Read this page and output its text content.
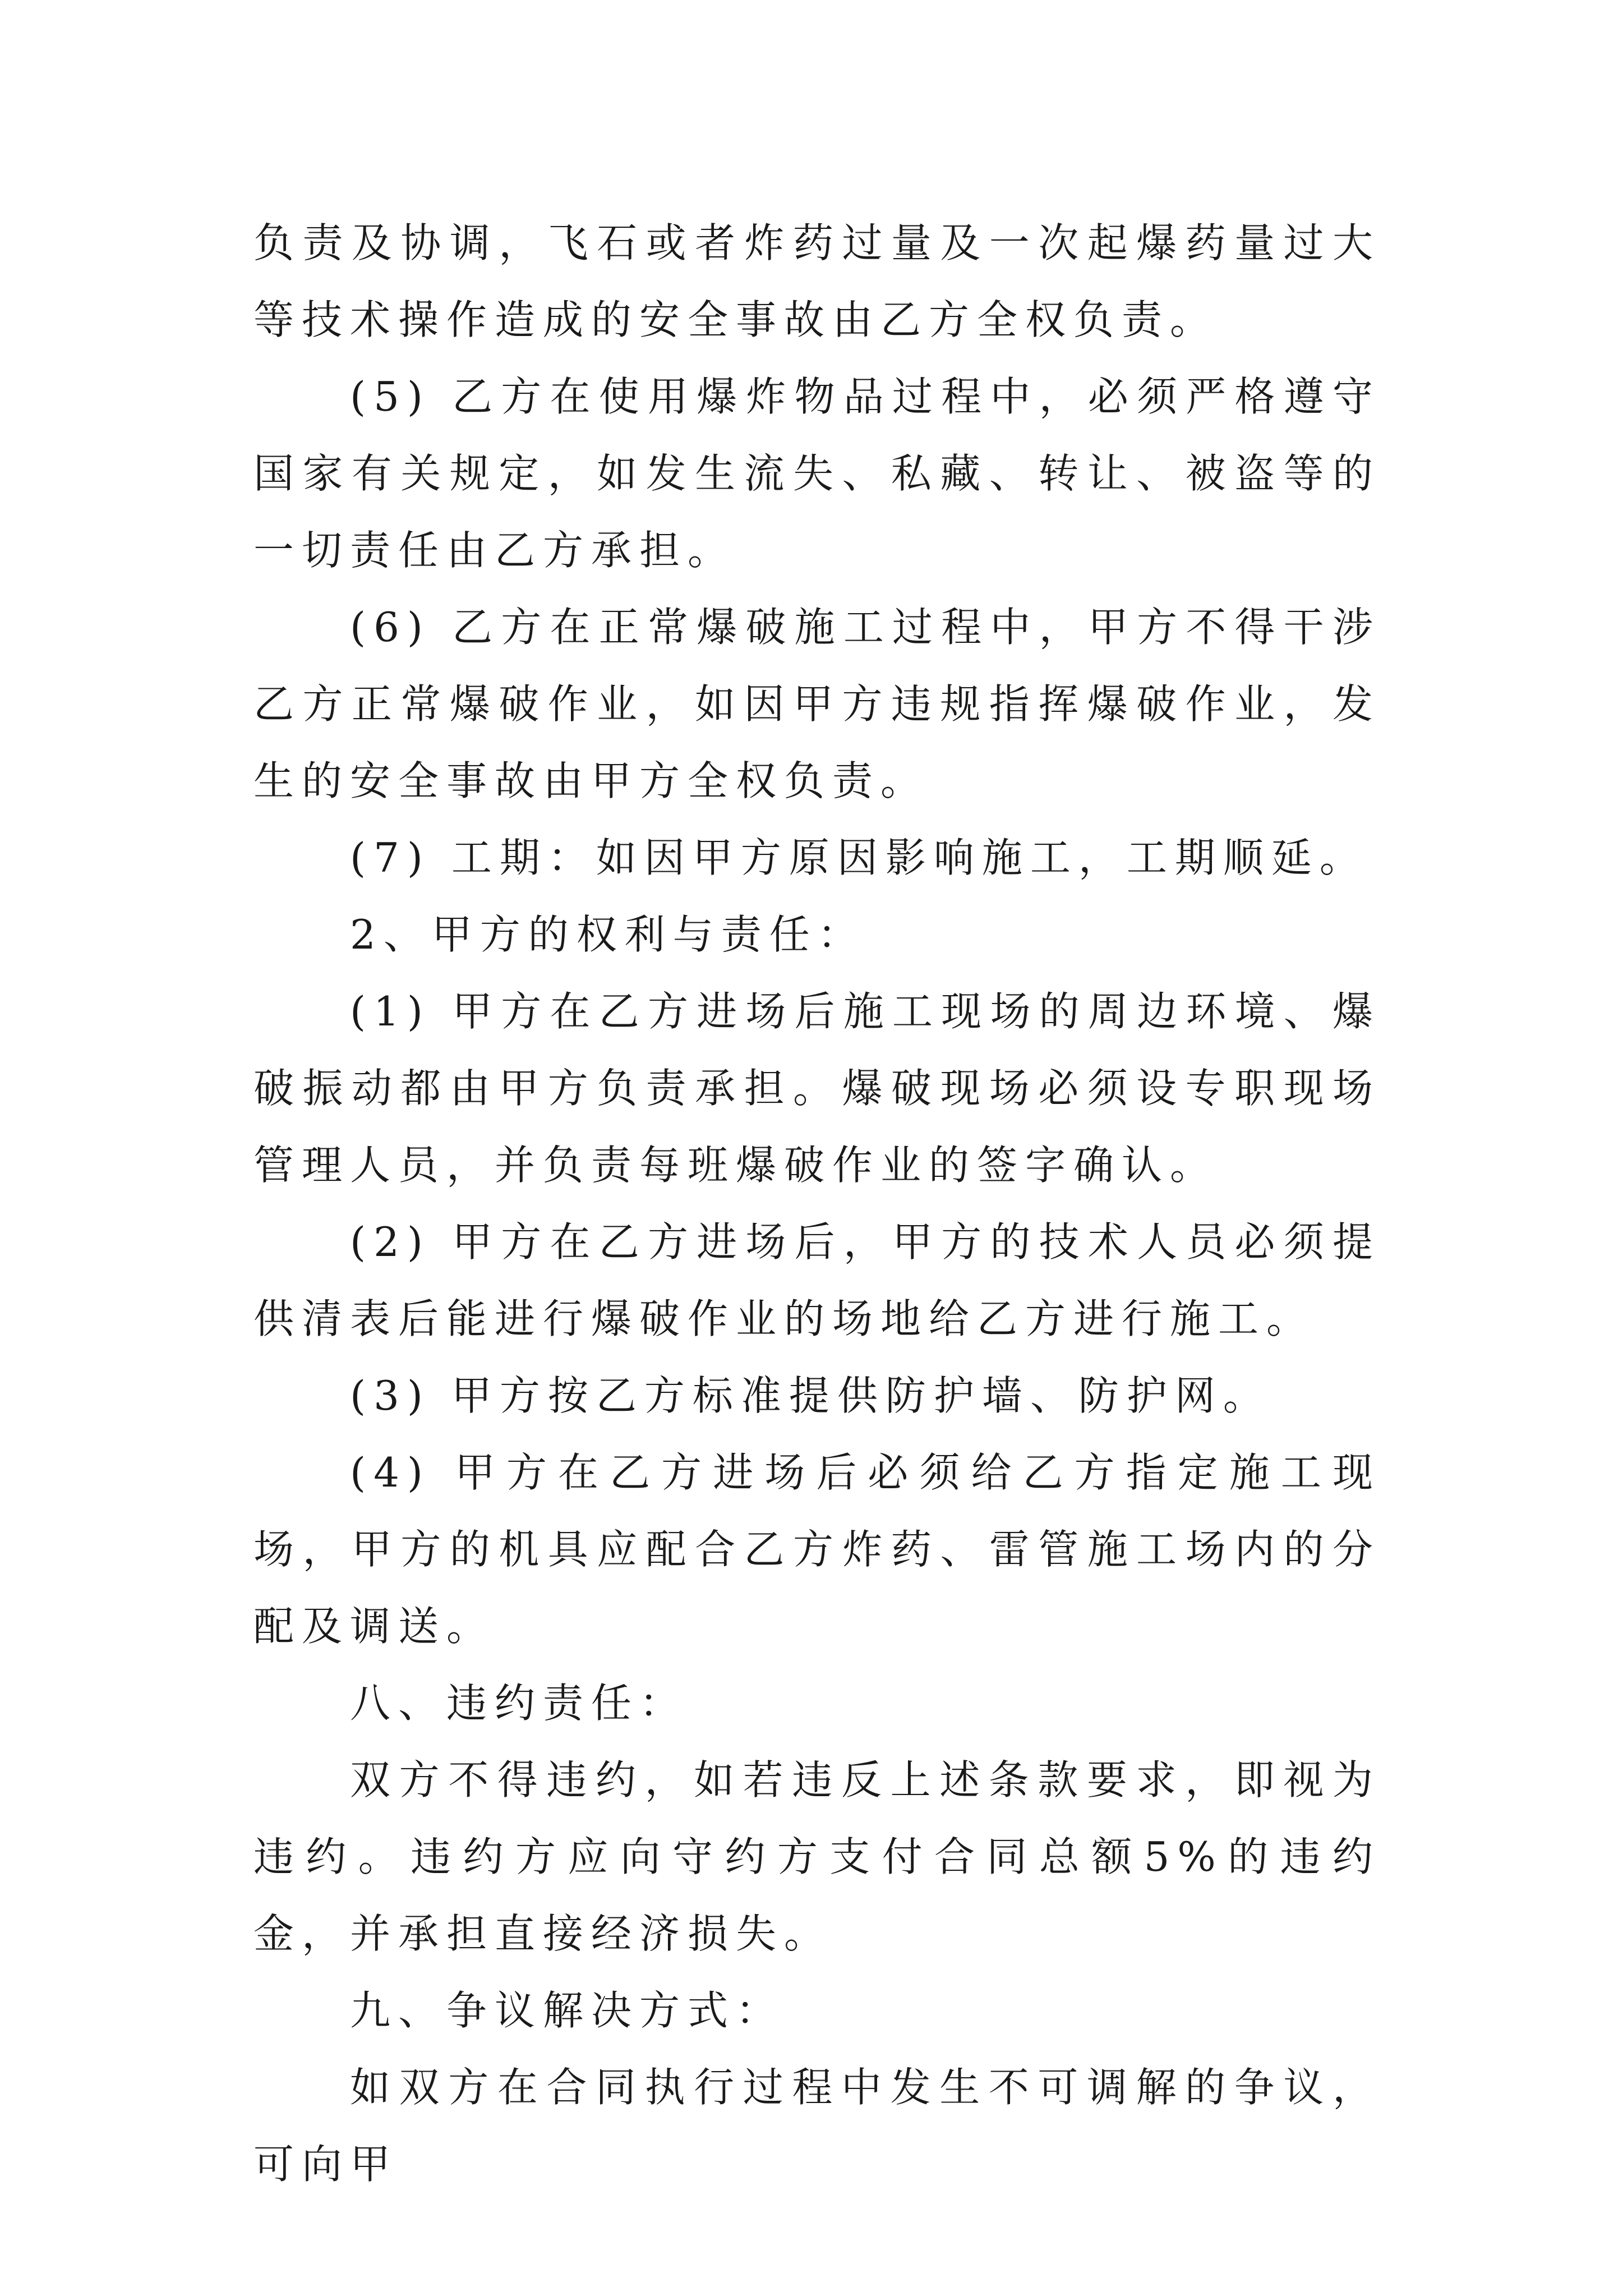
负责及协调，飞石或者炸药过量及一次起爆药量过大等技术操作造成的安全事故由乙方全权负责。

(5) 乙方在使用爆炸物品过程中，必须严格遵守国家有关规定，如发生流失、私藏、转让、被盗等的一切责任由乙方承担。

(6) 乙方在正常爆破施工过程中，甲方不得干涉乙方正常爆破作业，如因甲方违规指挥爆破作业，发生的安全事故由甲方全权负责。

(7) 工期：如因甲方原因影响施工，工期顺延。

2、甲方的权利与责任：

(1) 甲方在乙方进场后施工现场的周边环境、爆破振动都由甲方负责承担。爆破现场必须设专职现场管理人员，并负责每班爆破作业的签字确认。

(2) 甲方在乙方进场后，甲方的技术人员必须提供清表后能进行爆破作业的场地给乙方进行施工。

(3) 甲方按乙方标准提供防护墙、防护网。

(4) 甲方在乙方进场后必须给乙方指定施工现场，甲方的机具应配合乙方炸药、雷管施工场内的分配及调送。

八、违约责任：

双方不得违约，如若违反上述条款要求，即视为违约。违约方应向守约方支付合同总额5%的违约金，并承担直接经济损失。

九、争议解决方式：

如双方在合同执行过程中发生不可调解的争议，可向甲
